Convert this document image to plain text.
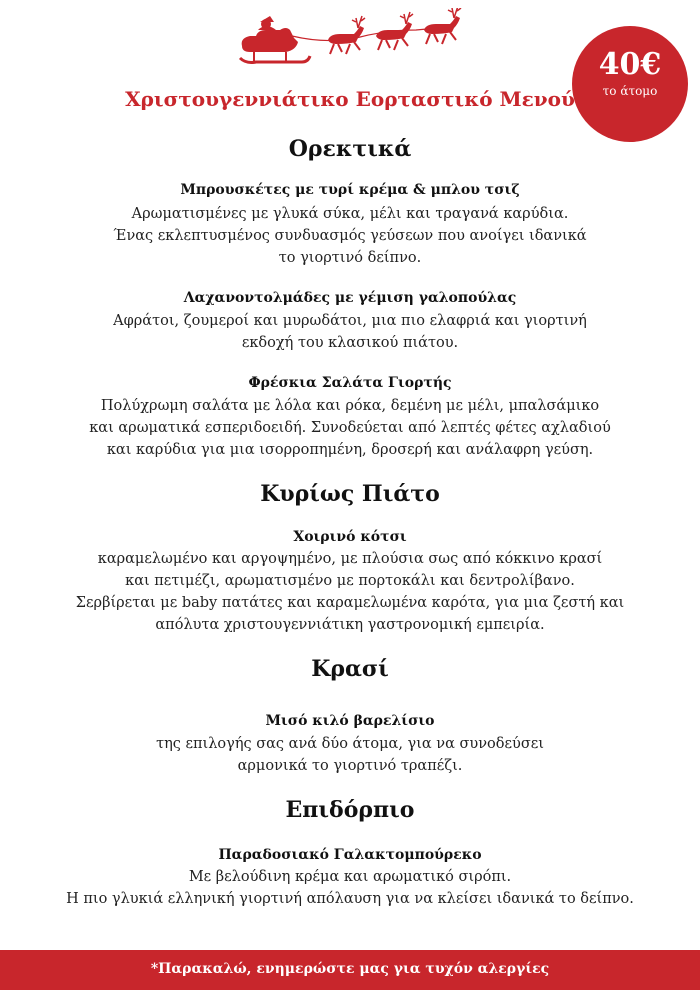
40€
το άτομο
Χριστουγεννιάτικο Εορταστικό Μενού
Ορεκτικά
Μπρουσκέτες με τυρί κρέμα & μπλου τσιζ
Αρωματισμένες με γλυκά σύκα, μέλι και τραγανά καρύδια.
Ένας εκλεπτυσμένος συνδυασμός γεύσεων που ανοίγει ιδανικά
το γιορτινό δείπνο.
Λαχανοντολμάδες με γέμιση γαλοπούλας
Αφράτοι, ζουμεροί και μυρωδάτοι, μια πιο ελαφριά και γιορτινή
εκδοχή του κλασικού πιάτου.
Φρέσκια Σαλάτα Γιορτής
Πολύχρωμη σαλάτα με λόλα και ρόκα, δεμένη με μέλι, μπαλσάμικο
και αρωματικά εσπεριδοειδή. Συνοδεύεται από λεπτές φέτες αχλαδιού
και καρύδια για μια ισορροπημένη, δροσερή και ανάλαφρη γεύση.
Κυρίως Πιάτο
Χοιρινό κότσι
καραμελωμένο και αργοψημένο, με πλούσια σως από κόκκινο κρασί
και πετιμέζι, αρωματισμένο με πορτοκάλι και δεντρολίβανο.
Σερβίρεται με baby πατάτες και καραμελωμένα καρότα, για μια ζεστή και
απόλυτα χριστουγεννιάτικη γαστρονομική εμπειρία.
Κρασί
Μισό κιλό βαρελίσιο
της επιλογής σας ανά δύο άτομα, για να συνοδεύσει
αρμονικά το γιορτινό τραπέζι.
Επιδόρπιο
Παραδοσιακό Γαλακτομπούρεκο
Με βελούδινη κρέμα και αρωματικό σιρόπι.
Η πιο γλυκιά ελληνική γιορτινή απόλαυση για να κλείσει ιδανικά το δείπνο.
*Παρακαλώ, ενημερώστε μας για τυχόν αλεργίες
